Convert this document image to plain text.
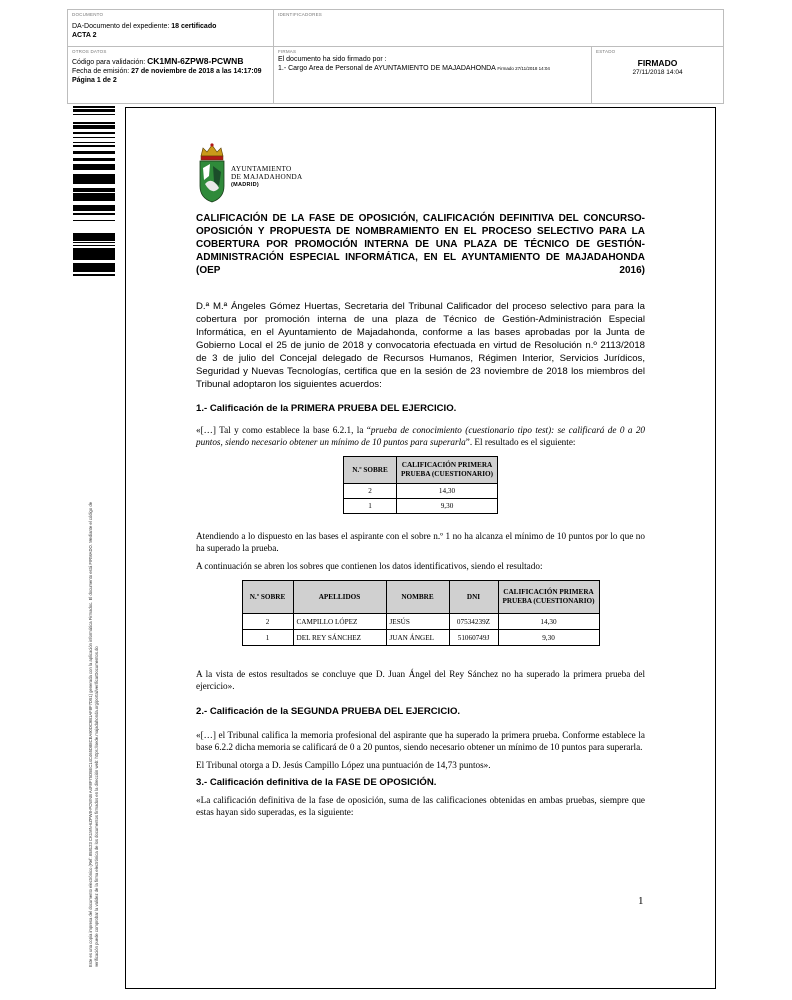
DOCUMENTO
DA-Documento del expediente: 18 certificado
ACTA 2
IDENTIFICADORES
OTROS DATOS
Código para validación: CK1MN-6ZPW8-PCWNB
Fecha de emisión: 27 de noviembre de 2018 a las 14:17:09
Página 1 de 2
FIRMAS
El documento ha sido firmado por :
1.- Cargo Area de Personal de AYUNTAMIENTO DE MAJADAHONDA Firmado 27/11/2018 14:04
ESTADO
FIRMADO
27/11/2018 14:04
Este es una copia impresa del documento electrónico (Ref: 858123 CK1MN-6ZPW8-PCWNB A4F8F75D5EC14C465D88CEA90DC9B1AF8F7D51) generada con la aplicación informática Firmadoc. El documento está FIRMADO. Mediante el código de verificación puede comprobar la validez de la firma electrónica de los documentos firmados en la dirección web: https://sede.majadahonda.org/portal/verificarDocumentos.do
AYUNTAMIENTO
DE MAJADAHONDA
(MADRID)
CALIFICACIÓN DE LA FASE DE OPOSICIÓN, CALIFICACIÓN DEFINITIVA DEL CONCURSO-OPOSICIÓN Y PROPUESTA DE NOMBRAMIENTO EN EL PROCESO SELECTIVO PARA LA COBERTURA POR PROMOCIÓN INTERNA DE UNA PLAZA DE TÉCNICO DE GESTIÓN-ADMINISTRACIÓN ESPECIAL INFORMÁTICA, EN EL AYUNTAMIENTO DE MAJADAHONDA (OEP 2016)

D.ª M.ª Ángeles Gómez Huertas, Secretaria del Tribunal Calificador del proceso selectivo para para la cobertura por promoción interna de una plaza de Técnico de Gestión-Administración Especial Informática, en el Ayuntamiento de Majadahonda, conforme a las bases aprobadas por la Junta de Gobierno Local el 25 de junio de 2018 y convocatoria efectuada en virtud de Resolución n.º 2113/2018 de 3 de julio del Concejal delegado de Recursos Humanos, Régimen Interior, Servicios Jurídicos, Seguridad y Nuevas Tecnologías, certifica que en la sesión de 23 noviembre de 2018 los miembros del Tribunal adoptaron los siguientes acuerdos:

1.- Calificación de la PRIMERA PRUEBA DEL EJERCICIO.

«[…] Tal y como establece la base 6.2.1, la “prueba de conocimiento (cuestionario tipo test): se calificará de 0 a 20 puntos, siendo necesario obtener un mínimo de 10 puntos para superarla”. El resultado es el siguiente:

N.º SOBRE	CALIFICACIÓN PRIMERA PRUEBA (CUESTIONARIO)
2	14,30
1	9,30

Atendiendo a lo dispuesto en las bases el aspirante con el sobre n.º 1 no ha alcanza el mínimo de 10 puntos por lo que no ha superado la prueba.

A continuación se abren los sobres que contienen los datos identificativos, siendo el resultado:

N.º SOBRE	APELLIDOS	NOMBRE	DNI	CALIFICACIÓN PRIMERA PRUEBA (CUESTIONARIO)
2	CAMPILLO LÓPEZ	JESÚS	07534239Z	14,30
1	DEL REY SÁNCHEZ	JUAN ÁNGEL	51060749J	9,30

A la vista de estos resultados se concluye que D. Juan Ángel del Rey Sánchez no ha superado la primera prueba del ejercicio».

2.- Calificación de la SEGUNDA PRUEBA DEL EJERCICIO.

«[…] el Tribunal califica la memoria profesional del aspirante que ha superado la primera prueba. Conforme establece la base 6.2.2 dicha memoria se calificará de 0 a 20 puntos, siendo necesario obtener un mínimo de 10 puntos para superarla.

El Tribunal otorga a D. Jesús Campillo López una puntuación de 14,73 puntos».

3.- Calificación definitiva de la FASE DE OPOSICIÓN.

«La calificación definitiva de la fase de oposición, suma de las calificaciones obtenidas en ambas pruebas, siempre que estas hayan sido superadas, es la siguiente:

1
